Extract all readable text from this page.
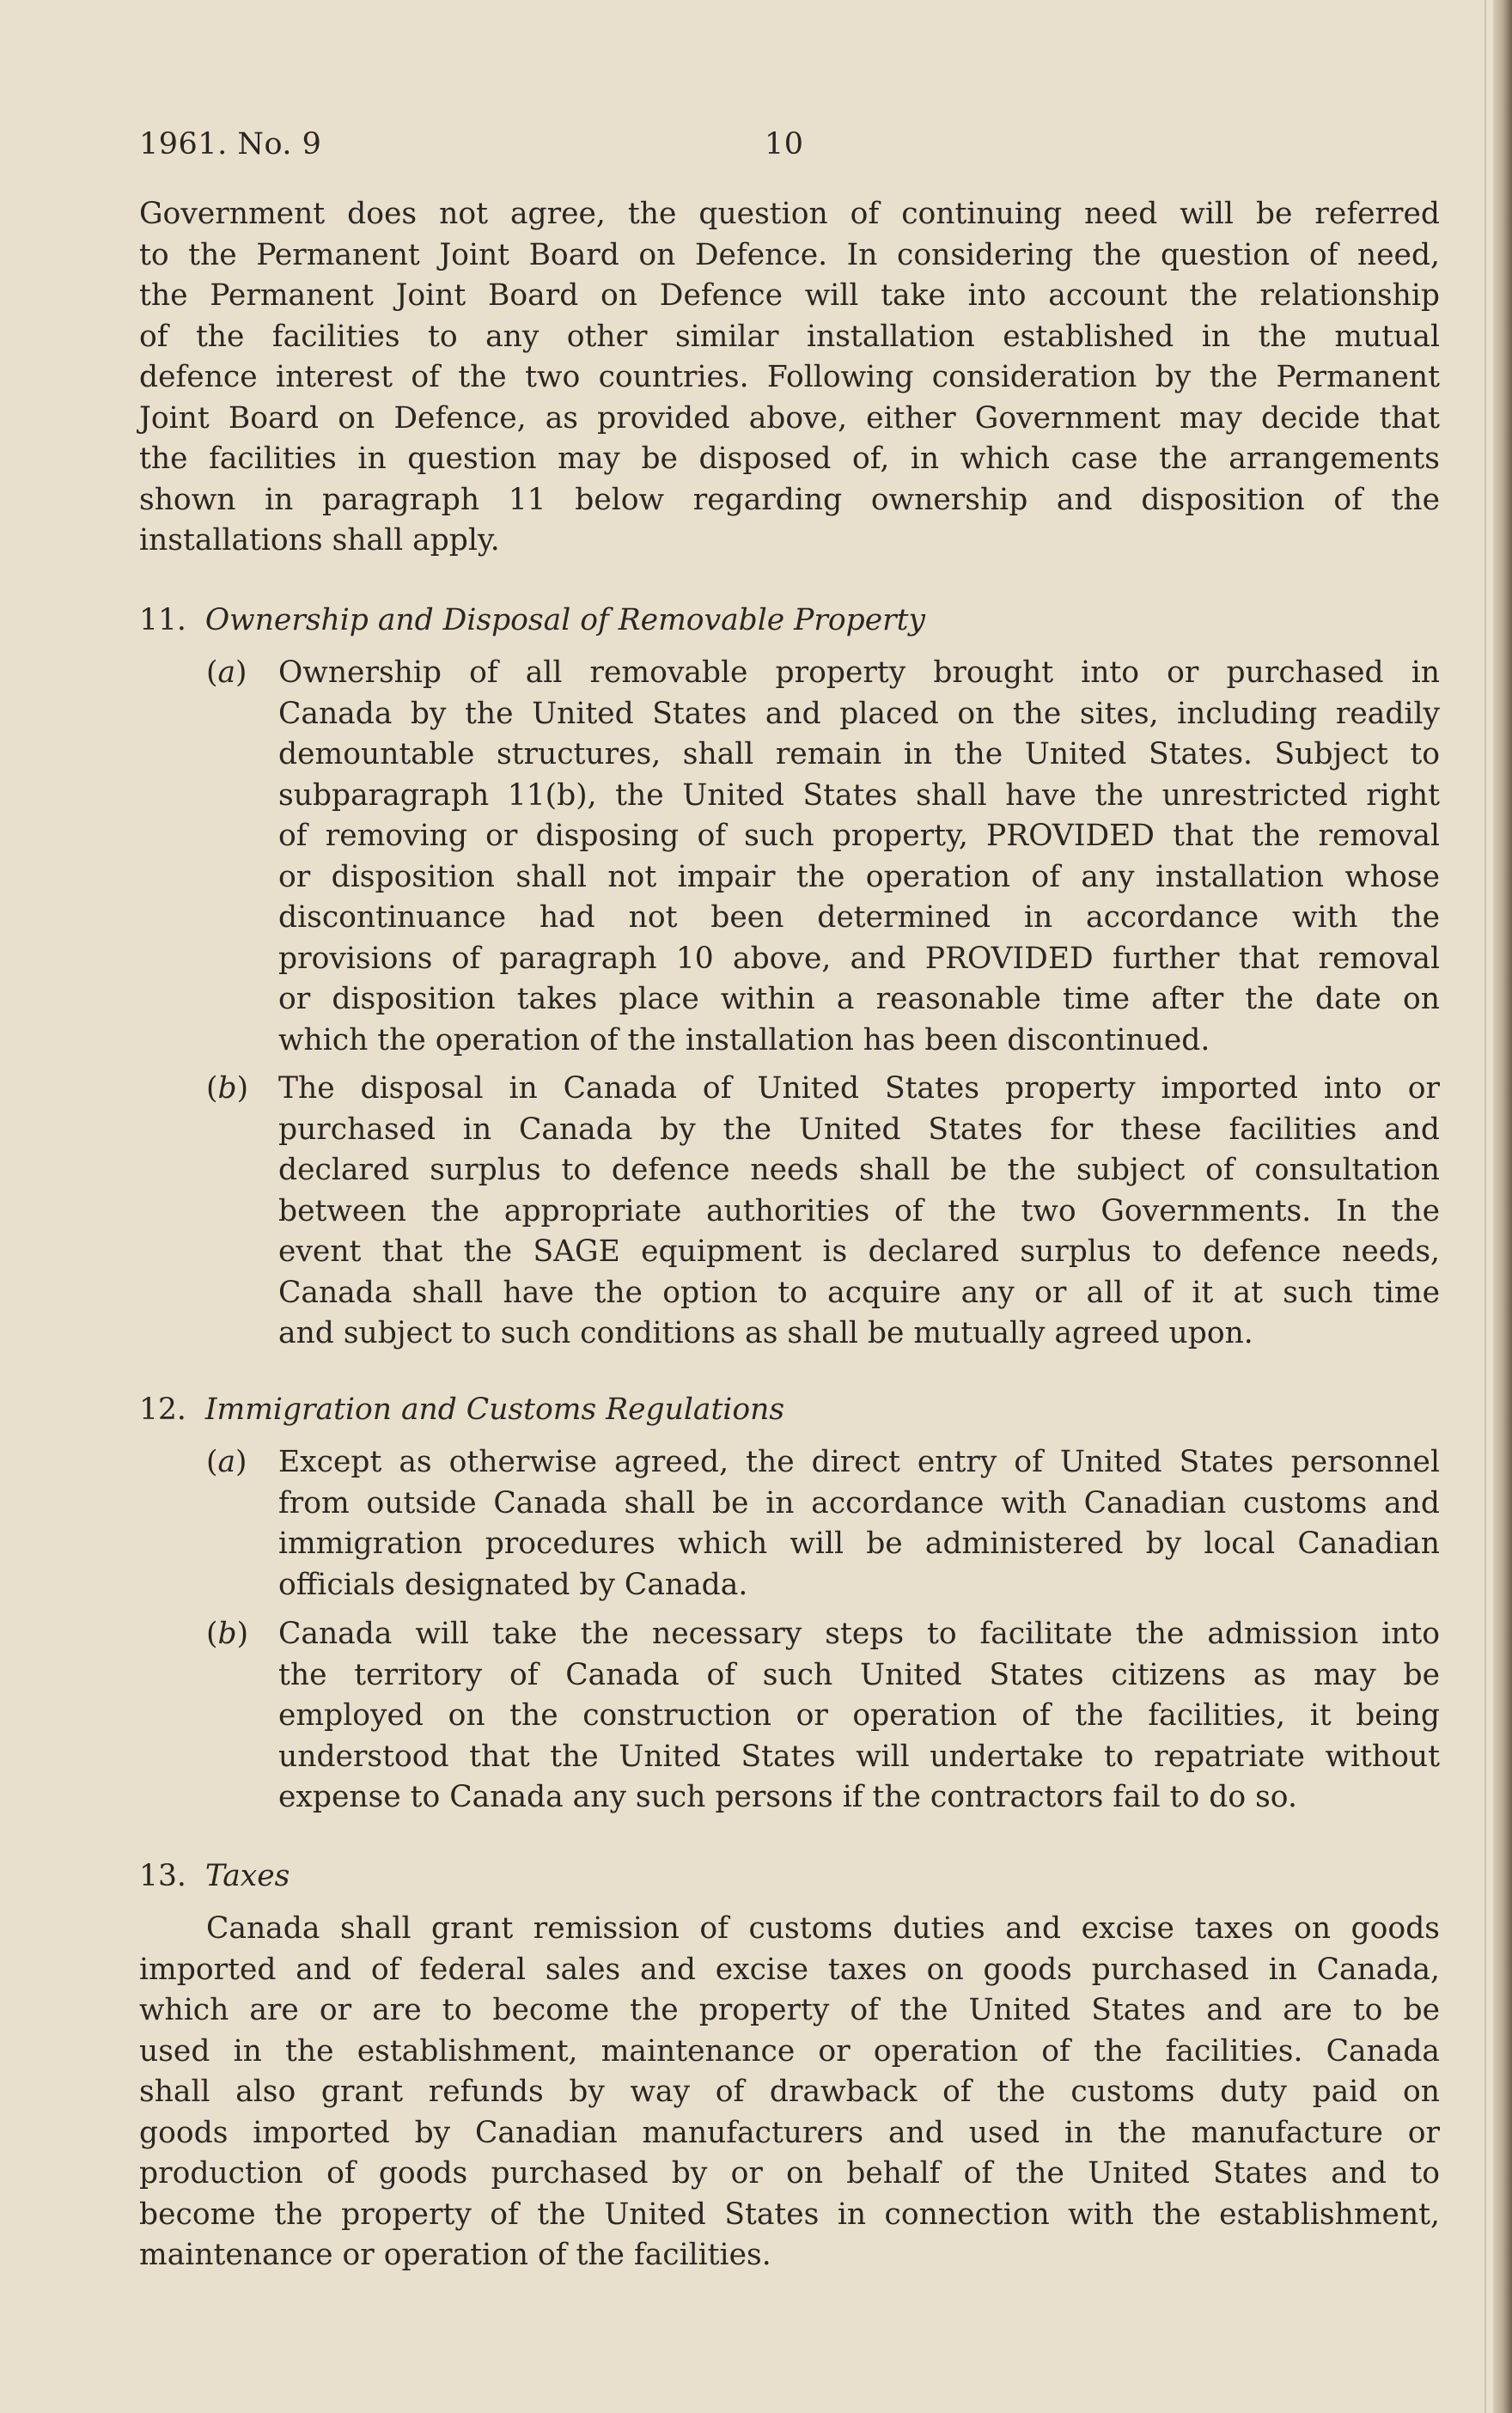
1961. No. 9	10
Government does not agree, the question of continuing need will be referred
to the Permanent Joint Board on Defence. In considering the question of need,
the Permanent Joint Board on Defence will take into account the relationship
of the facilities to any other similar installation established in the mutual
defence interest of the two countries. Following consideration by the Permanent
Joint Board on Defence, as provided above, either Government may decide that
the facilities in question may be disposed of, in which case the arrangements
shown in paragraph 11 below regarding ownership and disposition of the
installations shall apply.
11. Ownership and Disposal of Removable Property
(a) Ownership of all removable property brought into or purchased in
Canada by the United States and placed on the sites, including readily
demountable structures, shall remain in the United States. Subject to
subparagraph 11(b), the United States shall have the unrestricted right
of removing or disposing of such property, PROVIDED that the removal
or disposition shall not impair the operation of any installation whose
discontinuance had not been determined in accordance with the
provisions of paragraph 10 above, and PROVIDED further that removal
or disposition takes place within a reasonable time after the date on
which the operation of the installation has been discontinued.
(b) The disposal in Canada of United States property imported into or
purchased in Canada by the United States for these facilities and
declared surplus to defence needs shall be the subject of consultation
between the appropriate authorities of the two Governments. In the
event that the SAGE equipment is declared surplus to defence needs,
Canada shall have the option to acquire any or all of it at such time
and subject to such conditions as shall be mutually agreed upon.
12. Immigration and Customs Regulations
(a) Except as otherwise agreed, the direct entry of United States personnel
from outside Canada shall be in accordance with Canadian customs and
immigration procedures which will be administered by local Canadian
officials designated by Canada.
(b) Canada will take the necessary steps to facilitate the admission into
the territory of Canada of such United States citizens as may be
employed on the construction or operation of the facilities, it being
understood that the United States will undertake to repatriate without
expense to Canada any such persons if the contractors fail to do so.
13. Taxes
Canada shall grant remission of customs duties and excise taxes on goods
imported and of federal sales and excise taxes on goods purchased in Canada,
which are or are to become the property of the United States and are to be
used in the establishment, maintenance or operation of the facilities. Canada
shall also grant refunds by way of drawback of the customs duty paid on
goods imported by Canadian manufacturers and used in the manufacture or
production of goods purchased by or on behalf of the United States and to
become the property of the United States in connection with the establishment,
maintenance or operation of the facilities.
